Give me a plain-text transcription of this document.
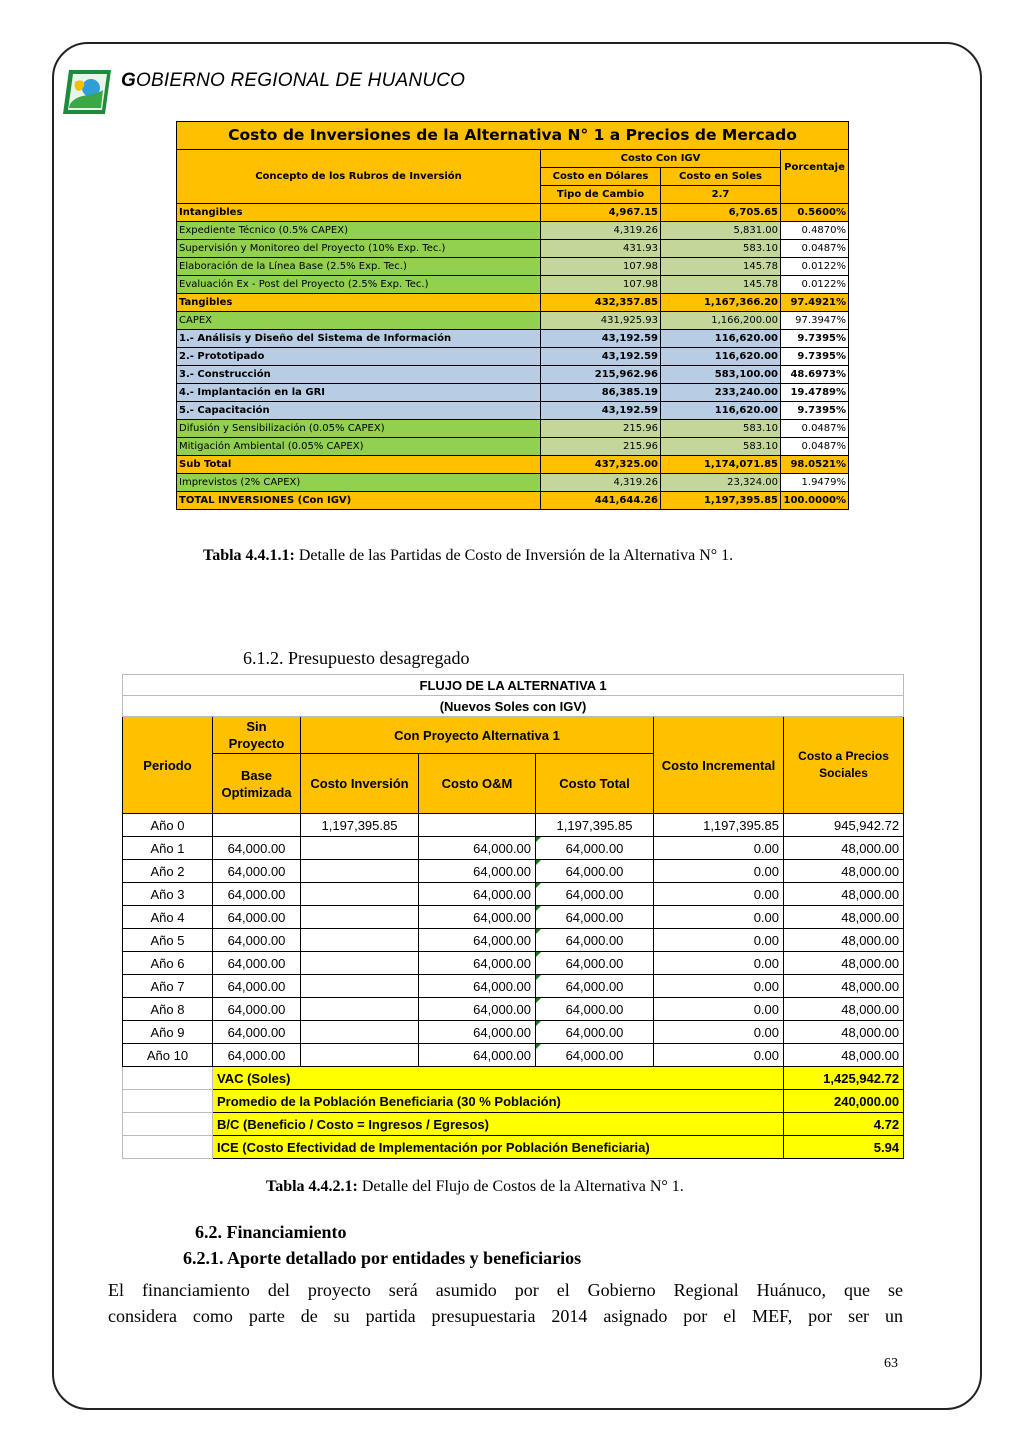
GOBIERNO REGIONAL DE HUANUCO
Costo de Inversiones de la Alternativa N° 1 a Precios de Mercado			
Concepto de los Rubros de Inversión	Costo Con IGV		Porcentaje
	Costo en Dólares	Costo en Soles	
	Tipo de Cambio	2.7	
Intangibles	4,967.15	6,705.65	0.5600%
Expediente Técnico (0.5% CAPEX)	4,319.26	5,831.00	0.4870%
Supervisión y Monitoreo del Proyecto (10% Exp. Tec.)	431.93	583.10	0.0487%
Elaboración de la Línea Base (2.5% Exp. Tec.)	107.98	145.78	0.0122%
Evaluación Ex - Post del Proyecto (2.5% Exp. Tec.)	107.98	145.78	0.0122%
Tangibles	432,357.85	1,167,366.20	97.4921%
CAPEX	431,925.93	1,166,200.00	97.3947%
1.- Análisis y Diseño del Sistema de Información	43,192.59	116,620.00	9.7395%
2.- Prototipado	43,192.59	116,620.00	9.7395%
3.- Construcción	215,962.96	583,100.00	48.6973%
4.- Implantación en la GRI	86,385.19	233,240.00	19.4789%
5.- Capacitación	43,192.59	116,620.00	9.7395%
Difusión y Sensibilización (0.05% CAPEX)	215.96	583.10	0.0487%
Mitigación Ambiental (0.05% CAPEX)	215.96	583.10	0.0487%
Sub Total	437,325.00	1,174,071.85	98.0521%
Imprevistos (2% CAPEX)	4,319.26	23,324.00	1.9479%
TOTAL INVERSIONES (Con IGV)	441,644.26	1,197,395.85	100.0000%
Tabla 4.4.1.1: Detalle de las Partidas de Costo de Inversión de la Alternativa N° 1.
6.1.2. Presupuesto desagregado
FLUJO DE LA ALTERNATIVA 1						
(Nuevos Soles con IGV)						
Periodo	Sin Proyecto	Con Proyecto Alternativa 1			Costo Incremental	Costo a Precios Sociales
	Base Optimizada	Costo Inversión	Costo O&M	Costo Total		
Año 0		1,197,395.85		1,197,395.85	1,197,395.85	945,942.72
Año 1	64,000.00		64,000.00	64,000.00	0.00	48,000.00
Año 2	64,000.00		64,000.00	64,000.00	0.00	48,000.00
Año 3	64,000.00		64,000.00	64,000.00	0.00	48,000.00
Año 4	64,000.00		64,000.00	64,000.00	0.00	48,000.00
Año 5	64,000.00		64,000.00	64,000.00	0.00	48,000.00
Año 6	64,000.00		64,000.00	64,000.00	0.00	48,000.00
Año 7	64,000.00		64,000.00	64,000.00	0.00	48,000.00
Año 8	64,000.00		64,000.00	64,000.00	0.00	48,000.00
Año 9	64,000.00		64,000.00	64,000.00	0.00	48,000.00
Año 10	64,000.00		64,000.00	64,000.00	0.00	48,000.00
	VAC (Soles)					1,425,942.72
	Promedio de la Población Beneficiaria (30 % Población)					240,000.00
	B/C (Beneficio / Costo = Ingresos / Egresos)					4.72
	ICE (Costo Efectividad de Implementación por Población Beneficiaria)					5.94
Tabla 4.4.2.1: Detalle del Flujo de Costos de la Alternativa N° 1.
6.2. Financiamiento
6.2.1. Aporte detallado por entidades y beneficiarios
El financiamiento del proyecto será asumido por el Gobierno Regional Huánuco, que se
considera como parte de su partida presupuestaria 2014 asignado por el MEF, por ser un
63
